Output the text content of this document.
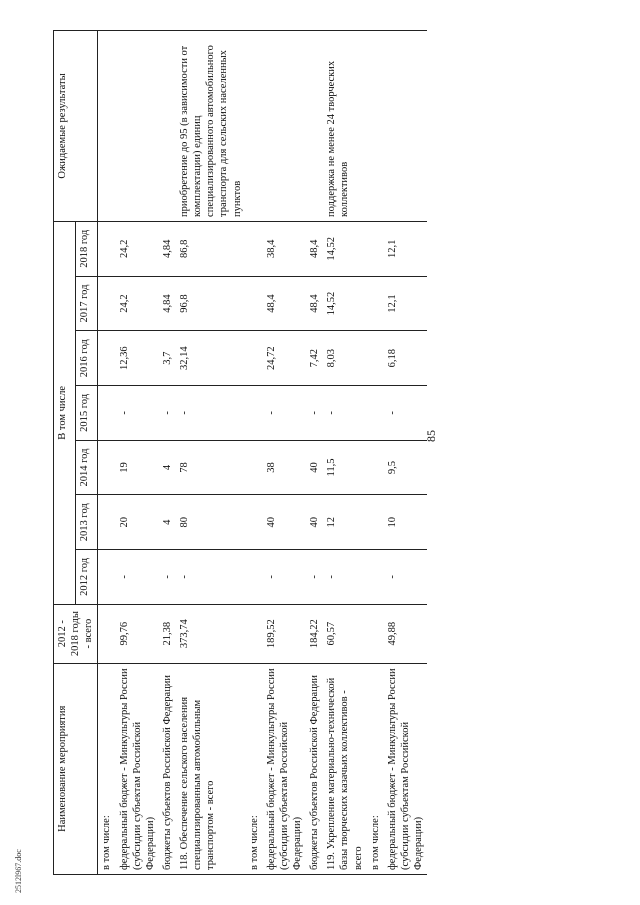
85
2512l967.doc
Наименование мероприятия	2012 - 2018 годы - всего	В том числе							Ожидаемые результаты
		2012 год	2013 год	2014 год	2015 год	2016 год	2017 год	2018 год	
в том числе:									
федеральный бюджет - Минкультуры России (субсидии субъектам Российской Федерации)	99,76	-	20	19	-	12,36	24,2	24,2	
бюджеты субъектов Российской Федерации	21,38	-	4	4	-	3,7	4,84	4,84	
118. Обеспечение сельского населения специализированным автомобильным транспортом - всего	373,74	-	80	78	-	32,14	96,8	86,8	приобретение до 95 (в зависимости от комплектации) единиц специализированного автомобильного транспорта для сельских населенных пунктов
в том числе:									
федеральный бюджет - Минкультуры России (субсидии субъектам Российской Федерации)	189,52	-	40	38	-	24,72	48,4	38,4	
бюджеты субъектов Российской Федерации	184,22	-	40	40	-	7,42	48,4	48,4	
119. Укрепление материально-технической базы творческих казачьих коллективов - всего	60,57	-	12	11,5	-	8,03	14,52	14,52	поддержка не менее 24 творческих коллективов
в том числе:									
федеральный бюджет - Минкультуры России (субсидии субъектам Российской Федерации)	49,88	-	10	9,5	-	6,18	12,1	12,1	
